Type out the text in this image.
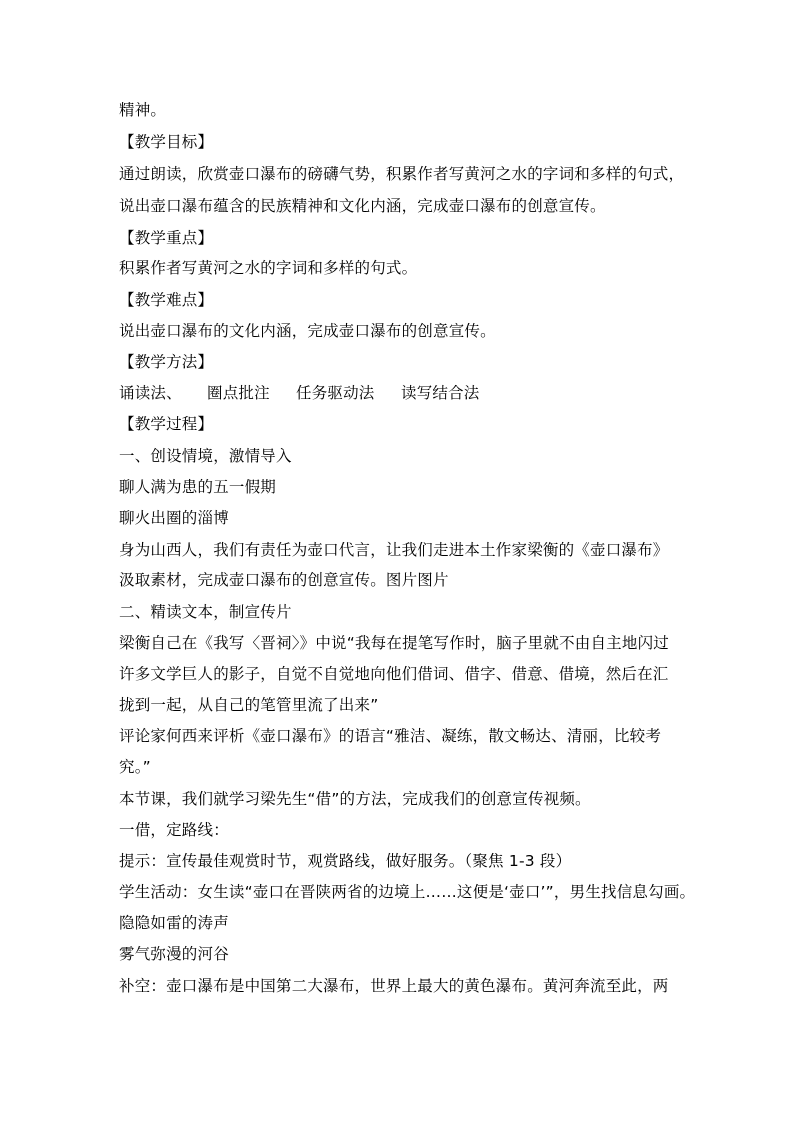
精神。
【教学目标】
通过朗读，欣赏壶口瀑布的磅礴气势，积累作者写黄河之水的字词和多样的句式，
说出壶口瀑布蕴含的民族精神和文化内涵，完成壶口瀑布的创意宣传。
【教学重点】
积累作者写黄河之水的字词和多样的句式。
【教学难点】
说出壶口瀑布的文化内涵，完成壶口瀑布的创意宣传。
【教学方法】
诵读法、 圈点批注 任务驱动法 读写结合法
【教学过程】
一、创设情境，激情导入
聊人满为患的五一假期
聊火出圈的淄博
身为山西人，我们有责任为壶口代言，让我们走进本土作家梁衡的《壶口瀑布》
汲取素材，完成壶口瀑布的创意宣传。图片图片
二、精读文本，制宣传片
梁衡自己在《我写〈晋祠〉》中说“我每在提笔写作时，脑子里就不由自主地闪过
许多文学巨人的影子，自觉不自觉地向他们借词、借字、借意、借境，然后在汇
拢到一起，从自己的笔管里流了出来”
评论家何西来评析《壶口瀑布》的语言“雅洁、凝练，散文畅达、清丽，比较考
究。”
本节课，我们就学习梁先生“借”的方法，完成我们的创意宣传视频。
一借，定路线：
提示：宣传最佳观赏时节，观赏路线，做好服务。（聚焦 1-3 段）
学生活动：女生读“壶口在晋陕两省的边境上……这便是‘壶口’”，男生找信息勾画。
隐隐如雷的涛声
雾气弥漫的河谷
补空：壶口瀑布是中国第二大瀑布，世界上最大的黄色瀑布。黄河奔流至此，两
